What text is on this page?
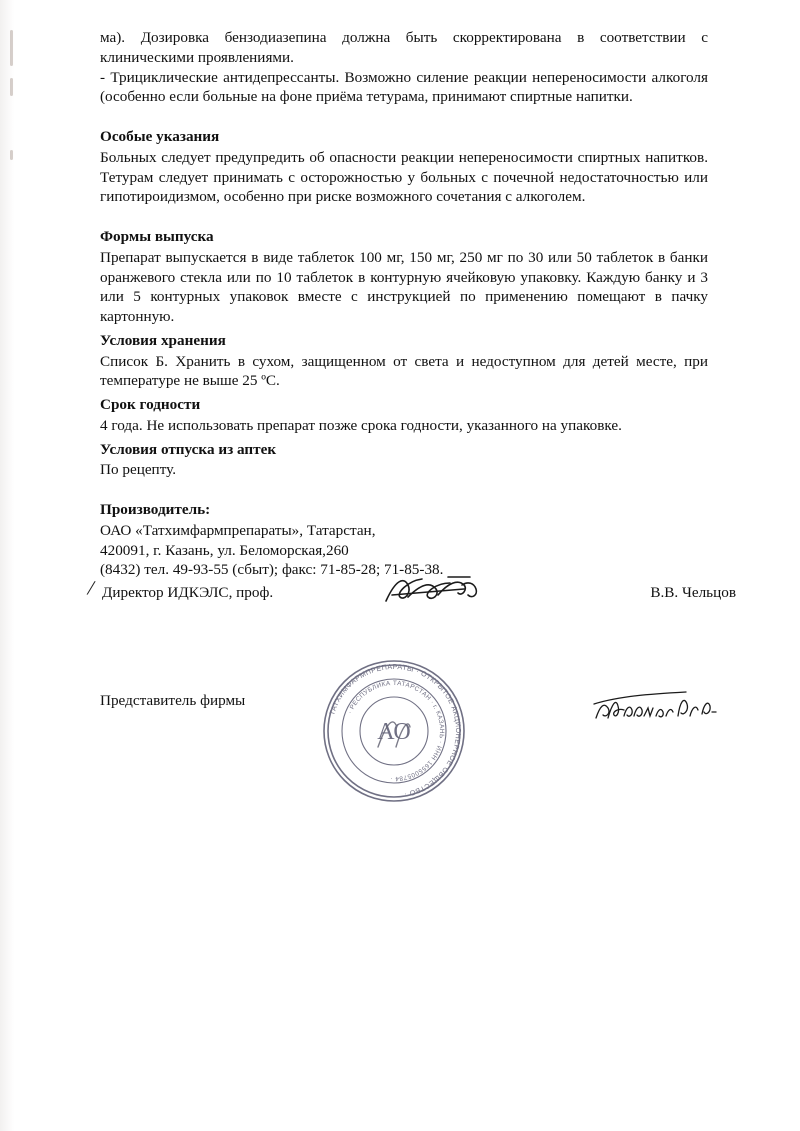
ма). Дозировка бензодиазепина должна быть скорректирована в соответствии с клиническими проявлениями.

- Трициклические антидепрессанты. Возможно силение реакции непереносимости алкоголя (особенно если больные на фоне приёма тетурама, принимают спиртные напитки.

Особые указания

Больных следует предупредить об опасности реакции непереносимости спиртных напитков. Тетурам следует принимать с осторожностью у больных с почечной недостаточностью или гипотироидизмом, особенно при риске возможного сочетания с алкоголем.

Формы выпуска

Препарат выпускается в виде таблеток 100 мг, 150 мг, 250 мг по 30 или 50 таблеток в банки оранжевого стекла или по 10 таблеток в контурную ячейковую упаковку. Каждую банку и 3 или 5 контурных упаковок вместе с инструкцией по применению помещают в пачку картонную.

Условия хранения

Список Б. Хранить в сухом, защищенном от света и недоступном для детей месте, при температуре не выше 25 ºС.

Срок годности

4 года. Не использовать препарат позже срока годности, указанного на упаковке.

Условия отпуска из аптек

По рецепту.

Производитель:

ОАО «Татхимфармпрепараты», Татарстан,

420091, г. Казань, ул. Беломорская,260

(8432) тел. 49-93-55 (сбыт); факс: 71-85-28; 71-85-38.

/ Директор ИДКЭЛС, проф.	В.В. Чельцов
Представитель фирмы
ТАТХИМФАРМПРЕПАРАТЫ · ОТКРЫТОЕ АКЦИОНЕРНОЕ ОБЩЕСТВО ·
· РЕСПУБЛИКА ТАТАРСТАН · г. КАЗАНЬ · ИНН 1655005784 ·
АО
